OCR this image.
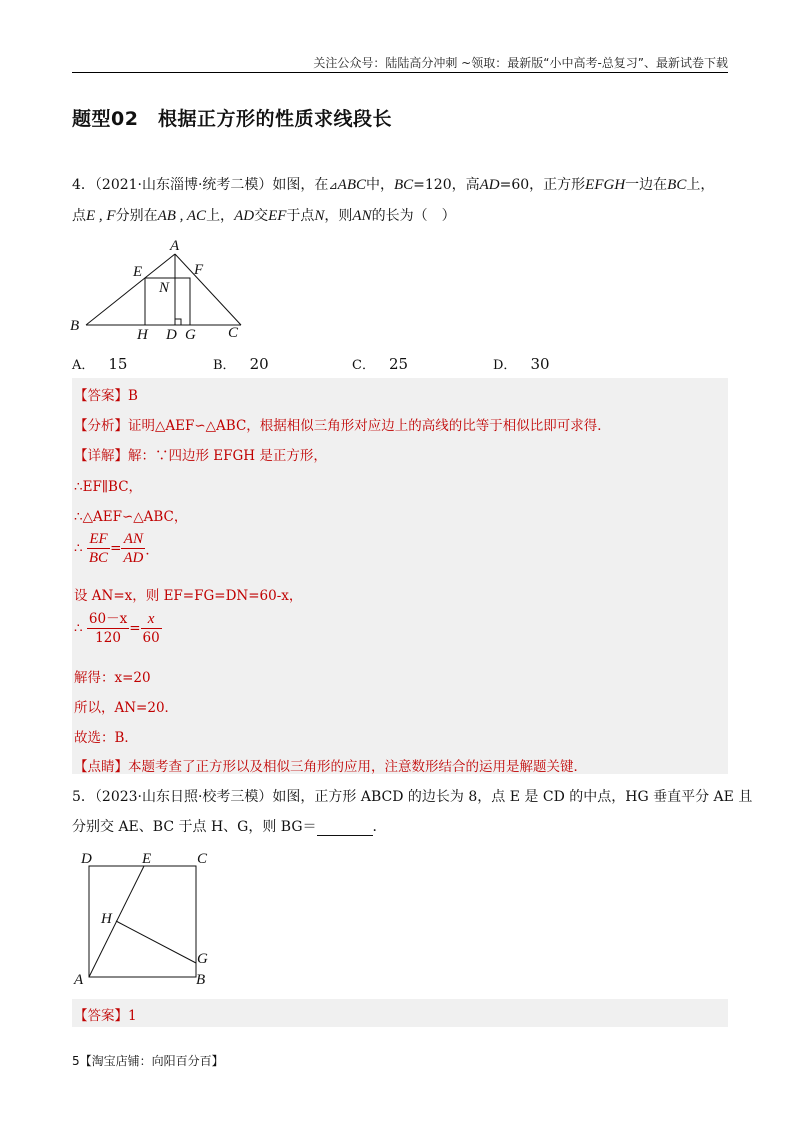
关注公众号：陆陆高分冲刺 ~领取：最新版“小中高考-总复习”、最新试卷下载
题型02　根据正方形的性质求线段长
4．（2021·山东淄博·统考二模）如图，在⊿ABC中，BC=120，高AD=60，正方形EFGH一边在BC上，
点E , F分别在AB , AC上，AD交EF于点N，则AN的长为（　）
A
B	C
D
E	F
G
H
N
A． 15	B． 20	C． 25	D． 30
【答案】B
【分析】证明△AEF∽△ABC，根据相似三角形对应边上的高线的比等于相似比即可求得．
【详解】解：∵四边形 EFGH 是正方形，
∴EF∥BC，
∴△AEF∽△ABC，
∴ $\frac{EF}{BC} = \frac{AN}{AD}$ ．
设 AN=x，则 EF=FG=DN=60-x，
∴ $\frac{60-x}{120} = \frac{x}{60}$
解得：x=20
所以，AN=20．
故选：B．
【点睛】本题考查了正方形以及相似三角形的应用，注意数形结合的运用是解题关键．
5．（2023·山东日照·校考三模）如图，正方形 ABCD 的边长为 8，点 E 是 CD 的中点，HG 垂直平分 AE 且
分别交 AE、BC 于点 H、G，则 BG＝	．
D	E	C
H
G
A	B
【答案】1
5【淘宝店铺：向阳百分百】
